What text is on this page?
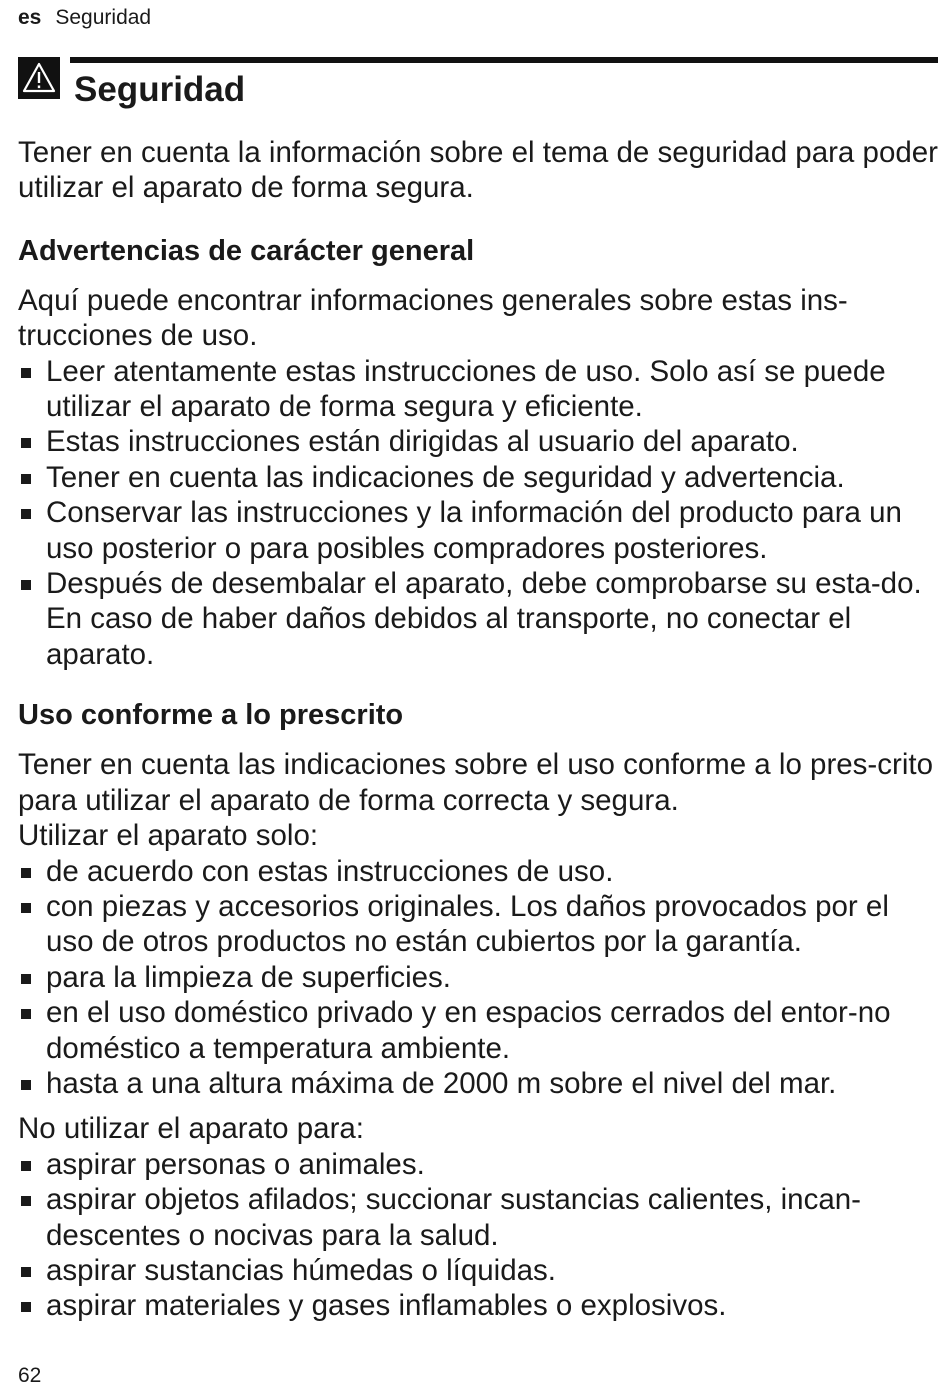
es Seguridad
Seguridad

Tener en cuenta la información sobre el tema de seguridad para poder utilizar el aparato de forma segura.

Advertencias de carácter general

Aquí puede encontrar informaciones generales sobre estas ins-trucciones de uso.

Leer atentamente estas instrucciones de uso. Solo así se puede utilizar el aparato de forma segura y eficiente.
Estas instrucciones están dirigidas al usuario del aparato.
Tener en cuenta las indicaciones de seguridad y advertencia.
Conservar las instrucciones y la información del producto para un uso posterior o para posibles compradores posteriores.
Después de desembalar el aparato, debe comprobarse su esta-do. En caso de haber daños debidos al transporte, no conectar el aparato.
Uso conforme a lo prescrito

Tener en cuenta las indicaciones sobre el uso conforme a lo pres-crito para utilizar el aparato de forma correcta y segura.

Utilizar el aparato solo:

de acuerdo con estas instrucciones de uso.
con piezas y accesorios originales. Los daños provocados por el uso de otros productos no están cubiertos por la garantía.
para la limpieza de superficies.
en el uso doméstico privado y en espacios cerrados del entor-no doméstico a temperatura ambiente.
hasta a una altura máxima de 2000 m sobre el nivel del mar.

No utilizar el aparato para:

aspirar personas o animales.
aspirar objetos afilados; succionar sustancias calientes, incan-descentes o nocivas para la salud.
aspirar sustancias húmedas o líquidas.
aspirar materiales y gases inflamables o explosivos.
62
